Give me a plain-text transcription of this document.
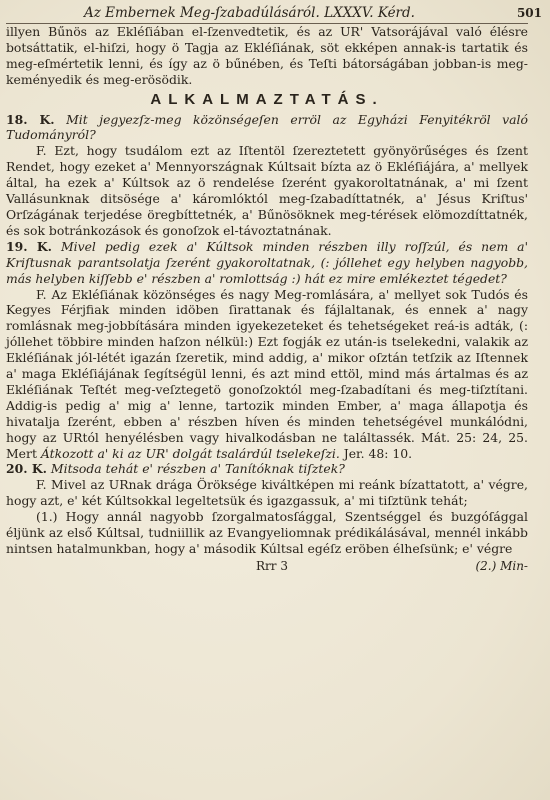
Az Embernek Meg-ſzabadúlásáról. LXXXV. Kérd.	501

illyen Bűnös az Ekléſiában el-ſzenvedtetik, és az UR' Vatsorájával való élésre botsáttatik, el-hiſzi, hogy ö Tagja az Ekléſiának, söt ekképen annak-is tartatik és meg-eſmértetik lenni, és így az ö bűnében, és Teſti bátorságában jobban-is meg-keményedik és meg-erösödik.

ALKALMAZTATÁS.

18. K. Mit jegyezſz-meg közönségeſen erröl az Egyházi Fenyitékröl való Tudományról?

F. Ezt, hogy tsudálom ezt az Iſtentöl ſzereztetett gyönyörűséges és ſzent Rendet, hogy ezeket a' Mennyországnak Kúltsait bízta az ö Ekléſiájára, a' mellyek által, ha ezek a' Kúltsok az ö rendelése ſzerént gyakoroltatnának, a' mi ſzent Vallásunknak ditsösége a' káromlóktól meg-ſzabadíttatnék, a' Jésus Kriſtus' Orſzágának terjedése öregbíttetnék, a' Bűnösöknek meg-térések elömozdíttatnék, és sok botránkozások és gonoſzok el-távoztatnának.

19. K. Mivel pedig ezek a' Kúltsok minden részben illy roſſzúl, és nem a' Kriſtusnak parantsolatja ſzerént gyakoroltatnak, (: jóllehet egy helyben nagyobb, más helyben kiſſebb e' részben a' romlottság :) hát ez mire emlékeztet tégedet?

F. Az Ekléſiának közönséges és nagy Meg-romlására, a' mellyet sok Tudós és Kegyes Férjfiak minden idöben ſirattanak és fájlaltanak, és ennek a' nagy romlásnak meg-jobbítására minden igyekezeteket és tehetségeket reá-is adták, (: jóllehet többire minden haſzon nélkül:) Ezt fogják ez után-is tselekedni, valakik az Ekléſiának jól-létét igazán ſzeretik, mind addig, a' mikor oſztán tetſzik az Iſtennek a' maga Ekléſiájának ſegítségül lenni, és azt mind ettöl, mind más ártalmas és az Ekléſiának Teſtét meg-veſztegetö gonoſzoktól meg-ſzabadítani és meg-tiſztítani. Addig-is pedig a' mig a' lenne, tartozik minden Ember, a' maga állapotja és hivatalja ſzerént, ebben a' részben híven és minden tehetségével munkálódni, hogy az URtól henyélésben vagy hivalkodásban ne találtassék. Mát. 25: 24, 25. Mert Átkozott a' ki az UR' dolgát tsalárdúl tselekeſzi. Jer. 48: 10.

20. K. Mitsoda tehát e' részben a' Tanítóknak tiſztek?

F. Mivel az URnak drága Öröksége kiváltképen mi reánk bízattatott, a' végre, hogy azt, e' két Kúltsokkal legeltetsük és igazgassuk, a' mi tiſztünk tehát;

(1.) Hogy annál nagyobb ſzorgalmatosſággal, Szentséggel és buzgóſággal éljünk az első Kúltsal, tudniillik az Evangyeliomnak prédikálásával, mennél inkább nintsen hatalmunkban, hogy a' második Kúltsal egéſz eröben élheſsünk; e' végre

Rrr 3	(2.) Min-
